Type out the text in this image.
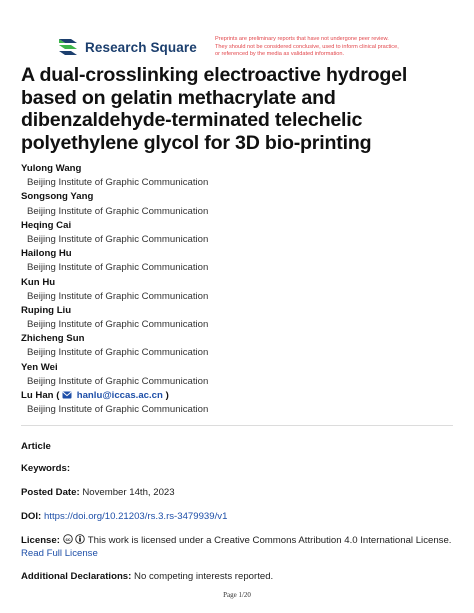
Research Square
Preprints are preliminary reports that have not undergone peer review.
They should not be considered conclusive, used to inform clinical practice,
or referenced by the media as validated information.
A dual-crosslinking electroactive hydrogel based on gelatin methacrylate and dibenzaldehyde-terminated telechelic polyethylene glycol for 3D bio-printing
Yulong Wang
Beijing Institute of Graphic Communication
Songsong Yang
Beijing Institute of Graphic Communication
Heqing Cai
Beijing Institute of Graphic Communication
Hailong Hu
Beijing Institute of Graphic Communication
Kun Hu
Beijing Institute of Graphic Communication
Ruping Liu
Beijing Institute of Graphic Communication
Zhicheng Sun
Beijing Institute of Graphic Communication
Yen Wei
Beijing Institute of Graphic Communication
Lu Han ( hanlu@iccas.ac.cn )
Beijing Institute of Graphic Communication
Article
Keywords:
Posted Date: November 14th, 2023
DOI: https://doi.org/10.21203/rs.3.rs-3479939/v1
License: cc This work is licensed under a Creative Commons Attribution 4.0 International License.
Read Full License
Additional Declarations: No competing interests reported.
Page 1/20
